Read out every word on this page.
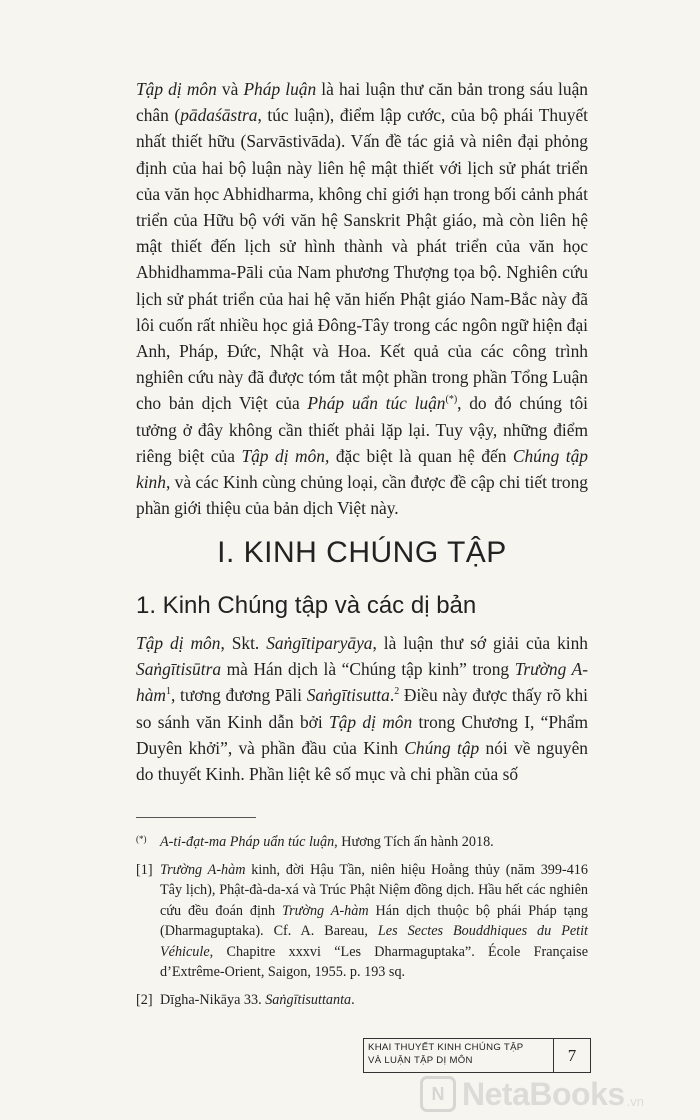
Tập dị môn và Pháp luận là hai luận thư căn bản trong sáu luận chân (pādaśāstra, túc luận), điểm lập cước, của bộ phái Thuyết nhất thiết hữu (Sarvāstivāda). Vấn đề tác giả và niên đại phỏng định của hai bộ luận này liên hệ mật thiết với lịch sử phát triển của văn học Abhidharma, không chỉ giới hạn trong bối cảnh phát triển của Hữu bộ với văn hệ Sanskrit Phật giáo, mà còn liên hệ mật thiết đến lịch sử hình thành và phát triển của văn học Abhidhamma-Pāli của Nam phương Thượng tọa bộ. Nghiên cứu lịch sử phát triển của hai hệ văn hiến Phật giáo Nam-Bắc này đã lôi cuốn rất nhiều học giả Đông-Tây trong các ngôn ngữ hiện đại Anh, Pháp, Đức, Nhật và Hoa. Kết quả của các công trình nghiên cứu này đã được tóm tắt một phần trong phần Tổng Luận cho bản dịch Việt của Pháp uẩn túc luận(*), do đó chúng tôi tưởng ở đây không cần thiết phải lặp lại. Tuy vậy, những điểm riêng biệt của Tập dị môn, đặc biệt là quan hệ đến Chúng tập kinh, và các Kinh cùng chủng loại, cần được đề cập chi tiết trong phần giới thiệu của bản dịch Việt này.

I. KINH CHÚNG TẬP
1. Kinh Chúng tập và các dị bản

Tập dị môn, Skt. Saṅgītiparyāya, là luận thư sớ giải của kinh Saṅgītisūtra mà Hán dịch là “Chúng tập kinh” trong Trường A-hàm$^1$, tương đương Pāli Saṅgītisutta.$^2$ Điều này được thấy rõ khi so sánh văn Kinh dẫn bởi Tập dị môn trong Chương I, “Phẩm Duyên khởi”, và phần đầu của Kinh Chúng tập nói về nguyên do thuyết Kinh. Phần liệt kê số mục và chi phần của số

(*) A-ti-đạt-ma Pháp uẩn túc luận, Hương Tích ấn hành 2018.
[1] Trường A-hàm kinh, đời Hậu Tần, niên hiệu Hoằng thủy (năm 399-416 Tây lịch), Phật-đà-da-xá và Trúc Phật Niệm đồng dịch. Hầu hết các nghiên cứu đều đoán định Trường A-hàm Hán dịch thuộc bộ phái Pháp tạng (Dharmaguptaka). Cf. A. Bareau, Les Sectes Bouddhiques du Petit Véhicule, Chapitre xxxvi “Les Dharmaguptaka”. École Française d’Extrême-Orient, Saigon, 1955. p. 193 sq.
[2] Dīgha-Nikāya 33. Saṅgītisuttanta.
KHAI THUYẾT KINH CHÚNG TẬP
VÀ LUẬN TẬP DỊ MÔN	7
N NetaBooks .vn
